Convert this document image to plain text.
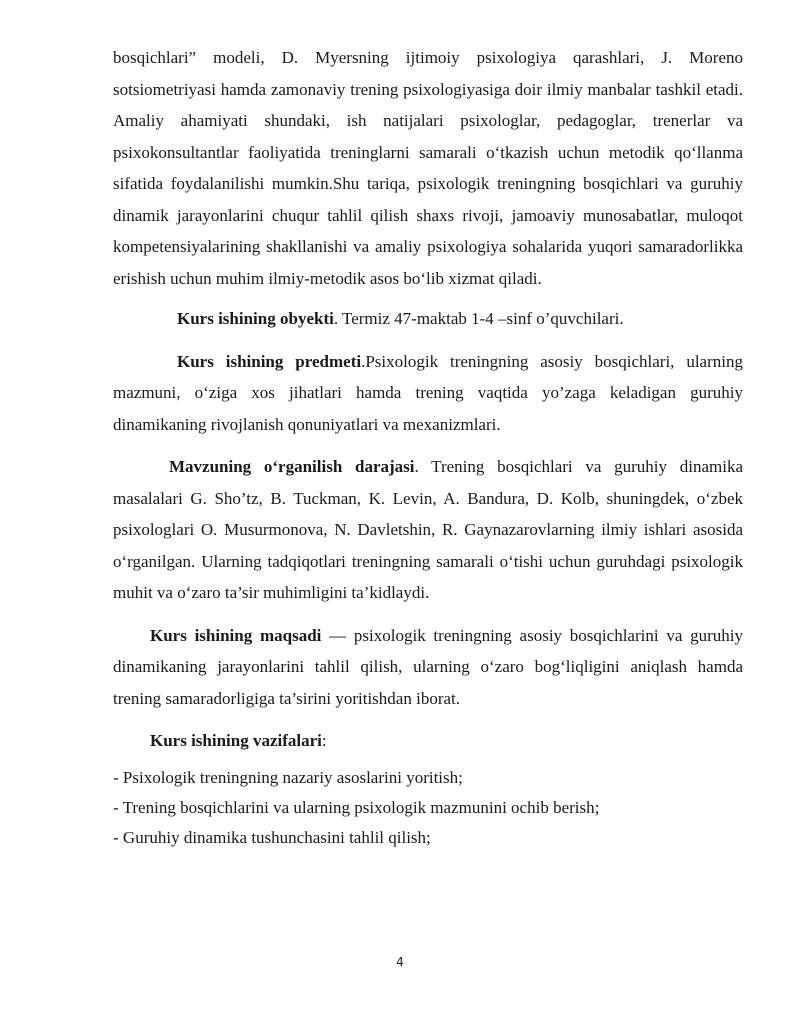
bosqichlari” modeli, D. Myersning ijtimoiy psixologiya qarashlari, J. Moreno sotsiometriyasi hamda zamonaviy trening psixologiyasiga doir ilmiy manbalar tashkil etadi. Amaliy ahamiyati shundaki, ish natijalari psixologlar, pedagoglar, trenerlar va psixokonsultantlar faoliyatida treninglarni samarali o‘tkazish uchun metodik qo‘llanma sifatida foydalanilishi mumkin.Shu tariqa, psixologik treningning bosqichlari va guruhiy dinamik jarayonlarini chuqur tahlil qilish shaxs rivoji, jamoaviy munosabatlar, muloqot kompetensiyalarining shakllanishi va amaliy psixologiya sohalarida yuqori samaradorlikka erishish uchun muhim ilmiy-metodik asos bo‘lib xizmat qiladi.

Kurs ishining obyekti. Termiz 47-maktab 1-4 –sinf o’quvchilari.

Kurs ishining predmeti.Psixologik treningning asosiy bosqichlari, ularning mazmuni, o‘ziga xos jihatlari hamda trening vaqtida yo’zaga keladigan guruhiy dinamikaning rivojlanish qonuniyatlari va mexanizmlari.

Mavzuning o‘rganilish darajasi. Trening bosqichlari va guruhiy dinamika masalalari G. Sho’tz, B. Tuckman, K. Levin, A. Bandura, D. Kolb, shuningdek, o‘zbek psixologlari O. Musurmonova, N. Davletshin, R. Gaynazarovlarning ilmiy ishlari asosida o‘rganilgan. Ularning tadqiqotlari treningning samarali o‘tishi uchun guruhdagi psixologik muhit va o‘zaro ta’sir muhimligini ta’kidlaydi.

Kurs ishining maqsadi — psixologik treningning asosiy bosqichlarini va guruhiy dinamikaning jarayonlarini tahlil qilish, ularning o‘zaro bog‘liqligini aniqlash hamda trening samaradorligiga ta’sirini yoritishdan iborat.

Kurs ishining vazifalari:

- Psixologik treningning nazariy asoslarini yoritish;

- Trening bosqichlarini va ularning psixologik mazmunini ochib berish;

- Guruhiy dinamika tushunchasini tahlil qilish;

4
